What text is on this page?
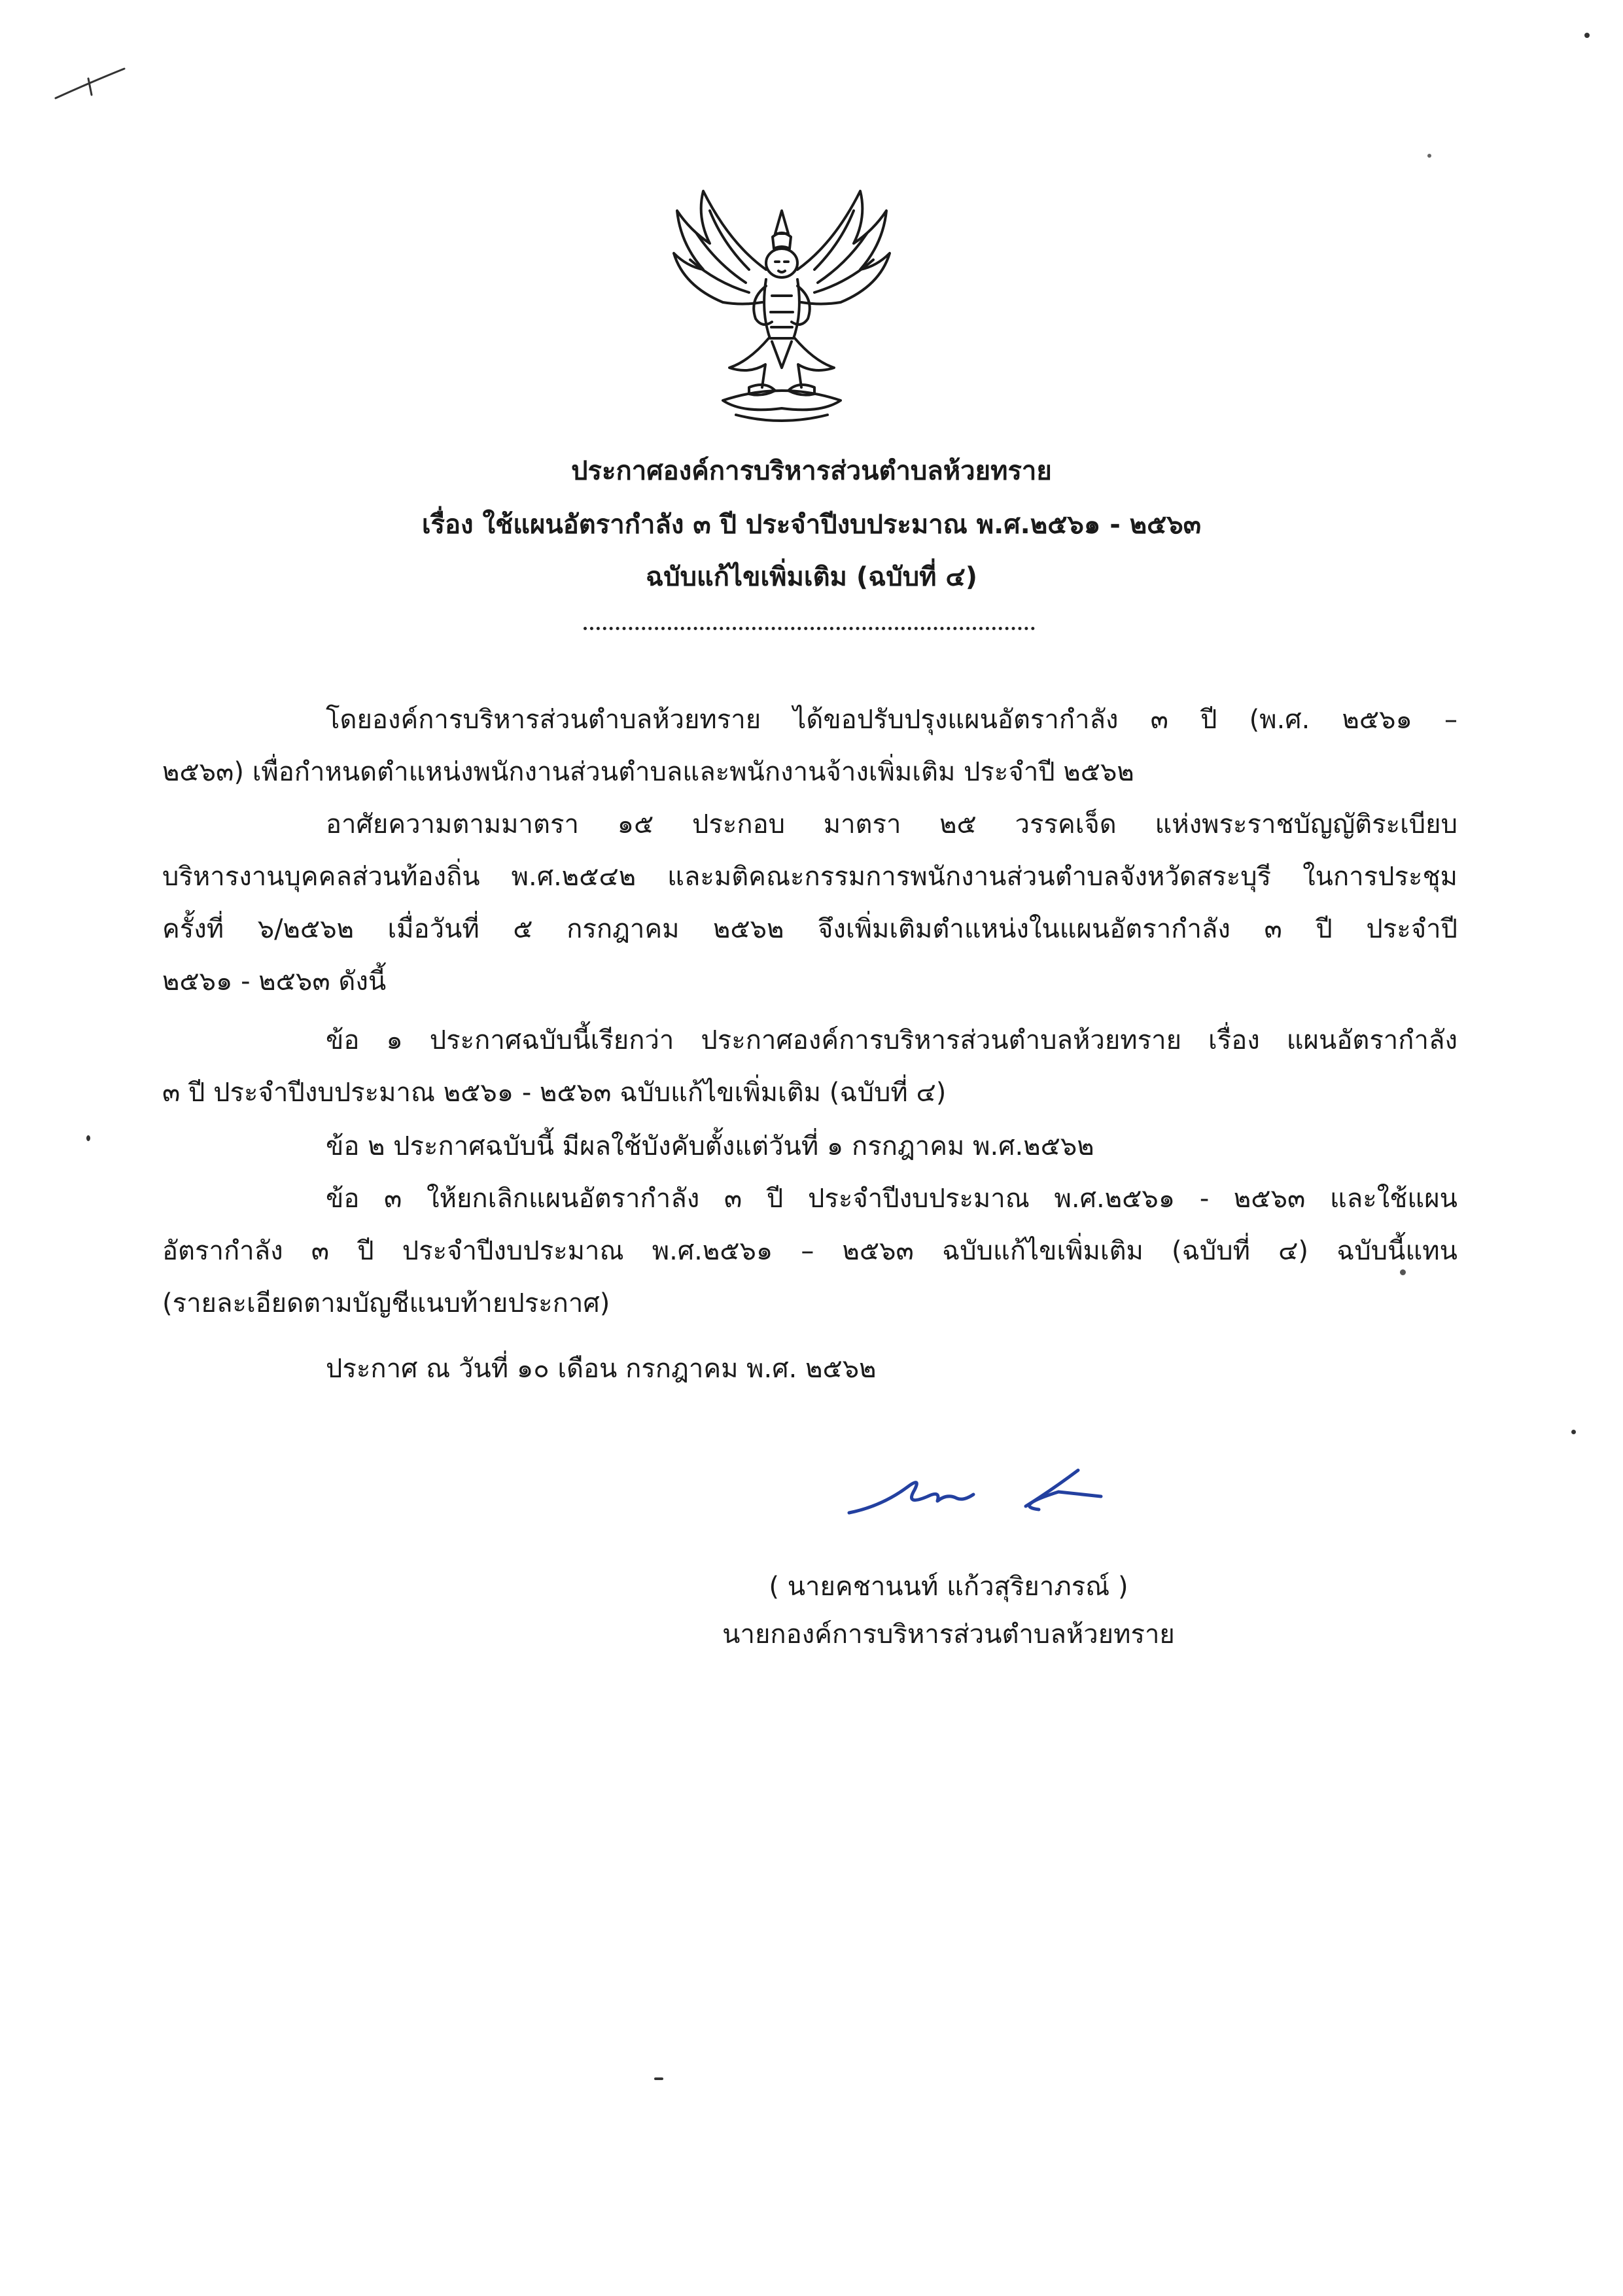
ประกาศองค์การบริหารส่วนตำบลห้วยทราย
เรื่อง ใช้แผนอัตรากำลัง ๓ ปี ประจำปีงบประมาณ พ.ศ.๒๕๖๑ - ๒๕๖๓
ฉบับแก้ไขเพิ่มเติม (ฉบับที่ ๔)
โดยองค์การบริหารส่วนตำบลห้วยทราย ได้ขอปรับปรุงแผนอัตรากำลัง ๓ ปี (พ.ศ. ๒๕๖๑ –
๒๕๖๓) เพื่อกำหนดตำแหน่งพนักงานส่วนตำบลและพนักงานจ้างเพิ่มเติม ประจำปี ๒๕๖๒
อาศัยความตามมาตรา ๑๕ ประกอบ มาตรา ๒๕ วรรคเจ็ด แห่งพระราชบัญญัติระเบียบ
บริหารงานบุคคลส่วนท้องถิ่น พ.ศ.๒๕๔๒ และมติคณะกรรมการพนักงานส่วนตำบลจังหวัดสระบุรี ในการประชุม
ครั้งที่ ๖/๒๕๖๒ เมื่อวันที่ ๕ กรกฎาคม ๒๕๖๒ จึงเพิ่มเติมตำแหน่งในแผนอัตรากำลัง ๓ ปี ประจำปี
๒๕๖๑ - ๒๕๖๓ ดังนี้
ข้อ ๑ ประกาศฉบับนี้เรียกว่า ประกาศองค์การบริหารส่วนตำบลห้วยทราย เรื่อง แผนอัตรากำลัง
๓ ปี ประจำปีงบประมาณ ๒๕๖๑ - ๒๕๖๓ ฉบับแก้ไขเพิ่มเติม (ฉบับที่ ๔)
ข้อ ๒ ประกาศฉบับนี้ มีผลใช้บังคับตั้งแต่วันที่ ๑ กรกฎาคม พ.ศ.๒๕๖๒
ข้อ ๓ ให้ยกเลิกแผนอัตรากำลัง ๓ ปี ประจำปีงบประมาณ พ.ศ.๒๕๖๑ - ๒๕๖๓ และใช้แผน
อัตรากำลัง ๓ ปี ประจำปีงบประมาณ พ.ศ.๒๕๖๑ – ๒๕๖๓ ฉบับแก้ไขเพิ่มเติม (ฉบับที่ ๔) ฉบับนี้แทน
(รายละเอียดตามบัญชีแนบท้ายประกาศ)
ประกาศ ณ วันที่ ๑๐ เดือน กรกฎาคม พ.ศ. ๒๕๖๒
( นายคชานนท์ แก้วสุริยาภรณ์ )
นายกองค์การบริหารส่วนตำบลห้วยทราย
